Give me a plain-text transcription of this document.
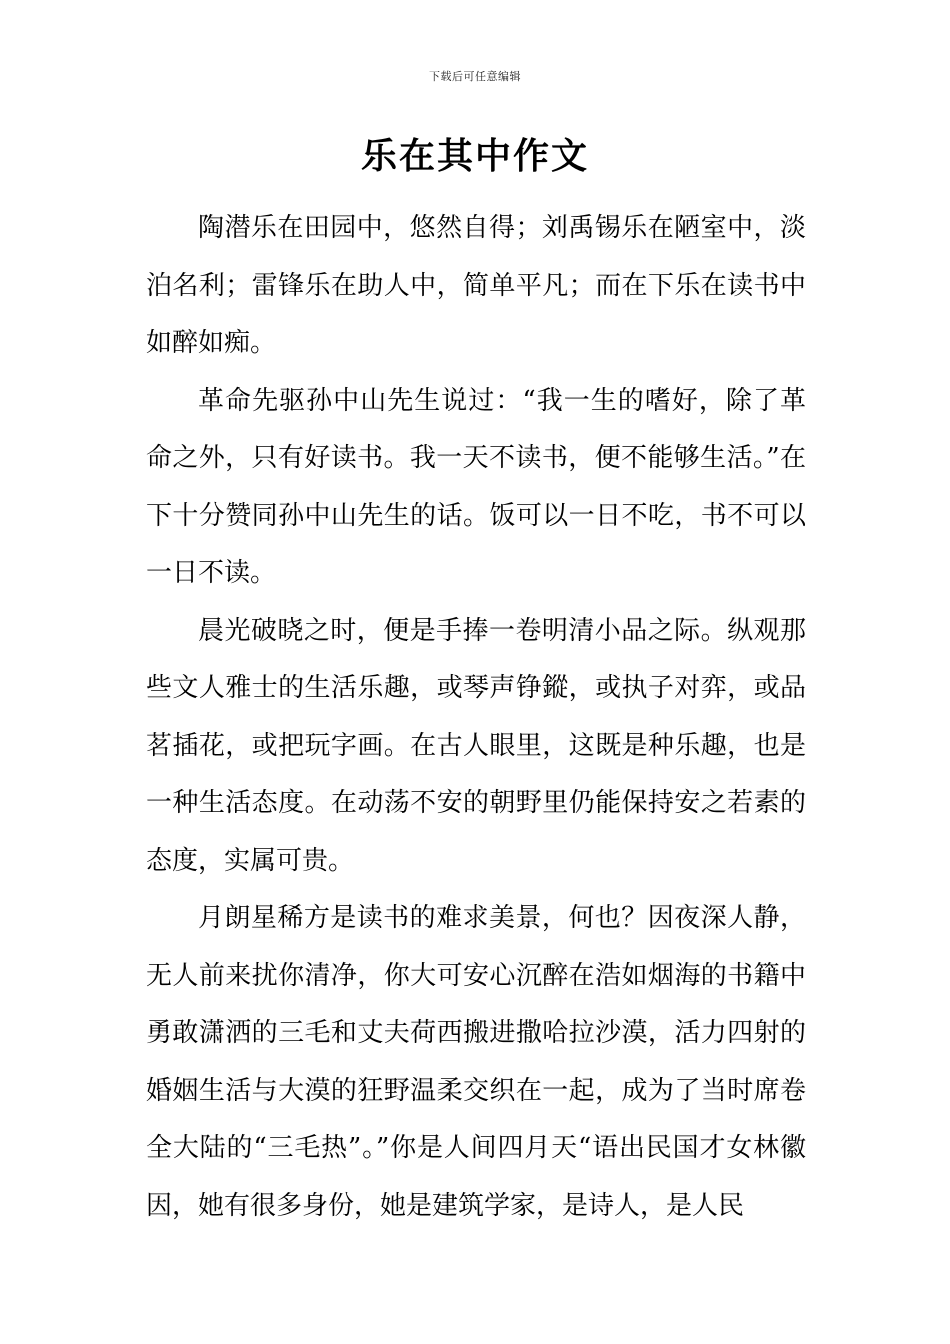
下载后可任意编辑
乐在其中作文

陶潜乐在田园中，悠然自得；刘禹锡乐在陋室中，淡泊名利；雷锋乐在助人中，简单平凡；而在下乐在读书中如醉如痴。

革命先驱孙中山先生说过：“我一生的嗜好，除了革命之外，只有好读书。我一天不读书，便不能够生活。”在下十分赞同孙中山先生的话。饭可以一日不吃，书不可以一日不读。

晨光破晓之时，便是手捧一卷明清小品之际。纵观那些文人雅士的生活乐趣，或琴声铮鏦，或执子对弈，或品茗插花，或把玩字画。在古人眼里，这既是种乐趣，也是一种生活态度。在动荡不安的朝野里仍能保持安之若素的态度，实属可贵。

月朗星稀方是读书的难求美景，何也？因夜深人静，无人前来扰你清净，你大可安心沉醉在浩如烟海的书籍中勇敢潇洒的三毛和丈夫荷西搬进撒哈拉沙漠，活力四射的婚姻生活与大漠的狂野温柔交织在一起，成为了当时席卷全大陆的“三毛热”。”你是人间四月天“语出民国才女林徽因，她有很多身份，她是建筑学家，是诗人，是人民
